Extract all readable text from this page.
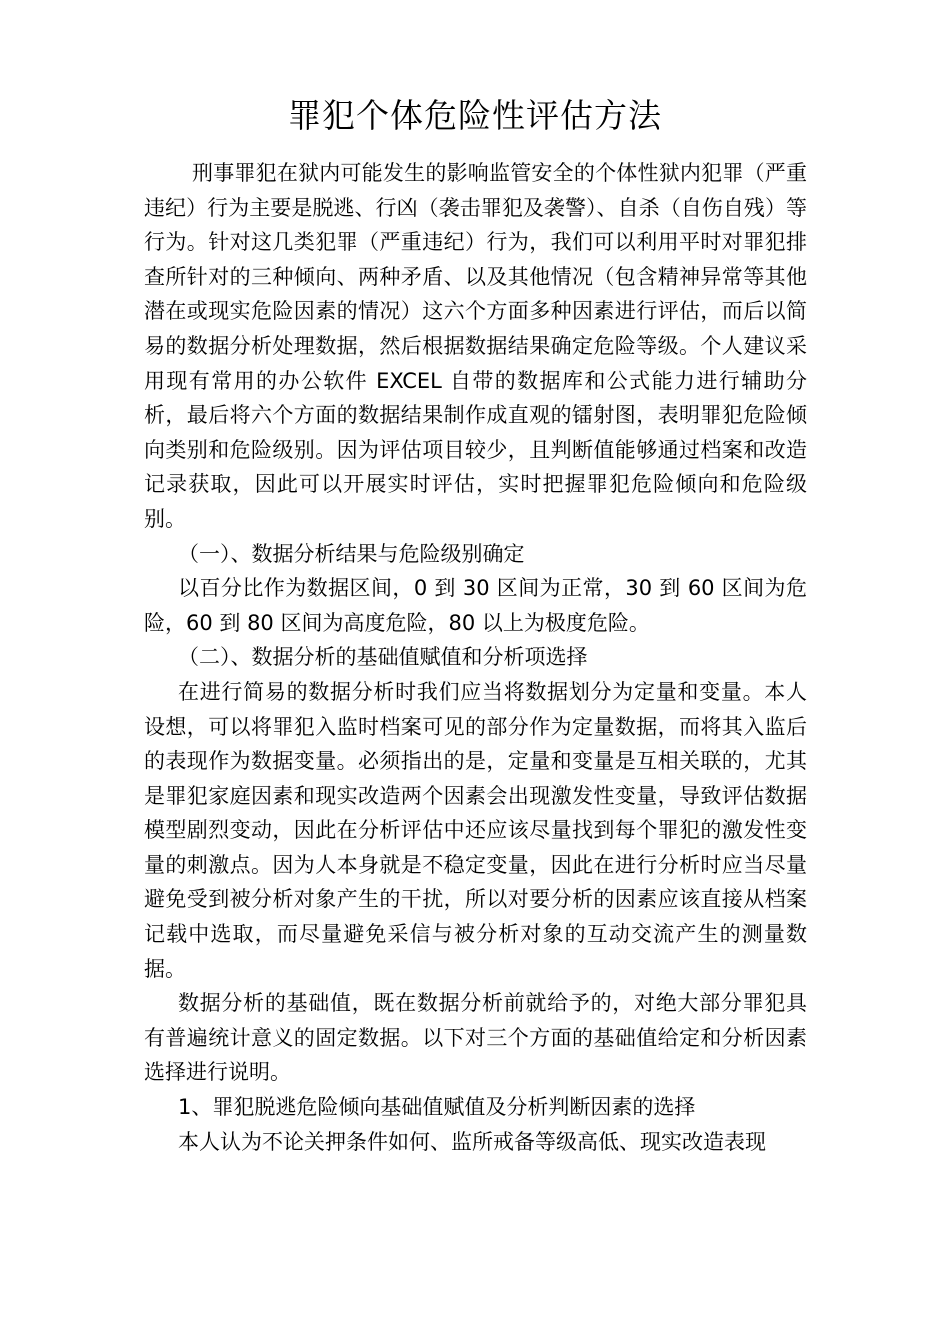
罪犯个体危险性评估方法

刑事罪犯在狱内可能发生的影响监管安全的个体性狱内犯罪（严重违纪）行为主要是脱逃、行凶（袭击罪犯及袭警）、自杀（自伤自残）等行为。针对这几类犯罪（严重违纪）行为，我们可以利用平时对罪犯排查所针对的三种倾向、两种矛盾、以及其他情况（包含精神异常等其他潜在或现实危险因素的情况）这六个方面多种因素进行评估，而后以简易的数据分析处理数据，然后根据数据结果确定危险等级。个人建议采用现有常用的办公软件 EXCEL 自带的数据库和公式能力进行辅助分析，最后将六个方面的数据结果制作成直观的镭射图，表明罪犯危险倾向类别和危险级别。因为评估项目较少，且判断值能够通过档案和改造记录获取，因此可以开展实时评估，实时把握罪犯危险倾向和危险级别。

（一）、数据分析结果与危险级别确定

以百分比作为数据区间，0 到 30 区间为正常，30 到 60 区间为危险，60 到 80 区间为高度危险，80 以上为极度危险。

（二）、数据分析的基础值赋值和分析项选择

在进行简易的数据分析时我们应当将数据划分为定量和变量。本人设想，可以将罪犯入监时档案可见的部分作为定量数据，而将其入监后的表现作为数据变量。必须指出的是，定量和变量是互相关联的，尤其是罪犯家庭因素和现实改造两个因素会出现激发性变量，导致评估数据模型剧烈变动，因此在分析评估中还应该尽量找到每个罪犯的激发性变量的刺激点。因为人本身就是不稳定变量，因此在进行分析时应当尽量避免受到被分析对象产生的干扰，所以对要分析的因素应该直接从档案记载中选取，而尽量避免采信与被分析对象的互动交流产生的测量数据。

数据分析的基础值，既在数据分析前就给予的，对绝大部分罪犯具有普遍统计意义的固定数据。以下对三个方面的基础值给定和分析因素选择进行说明。

1、罪犯脱逃危险倾向基础值赋值及分析判断因素的选择

本人认为不论关押条件如何、监所戒备等级高低、现实改造表现
